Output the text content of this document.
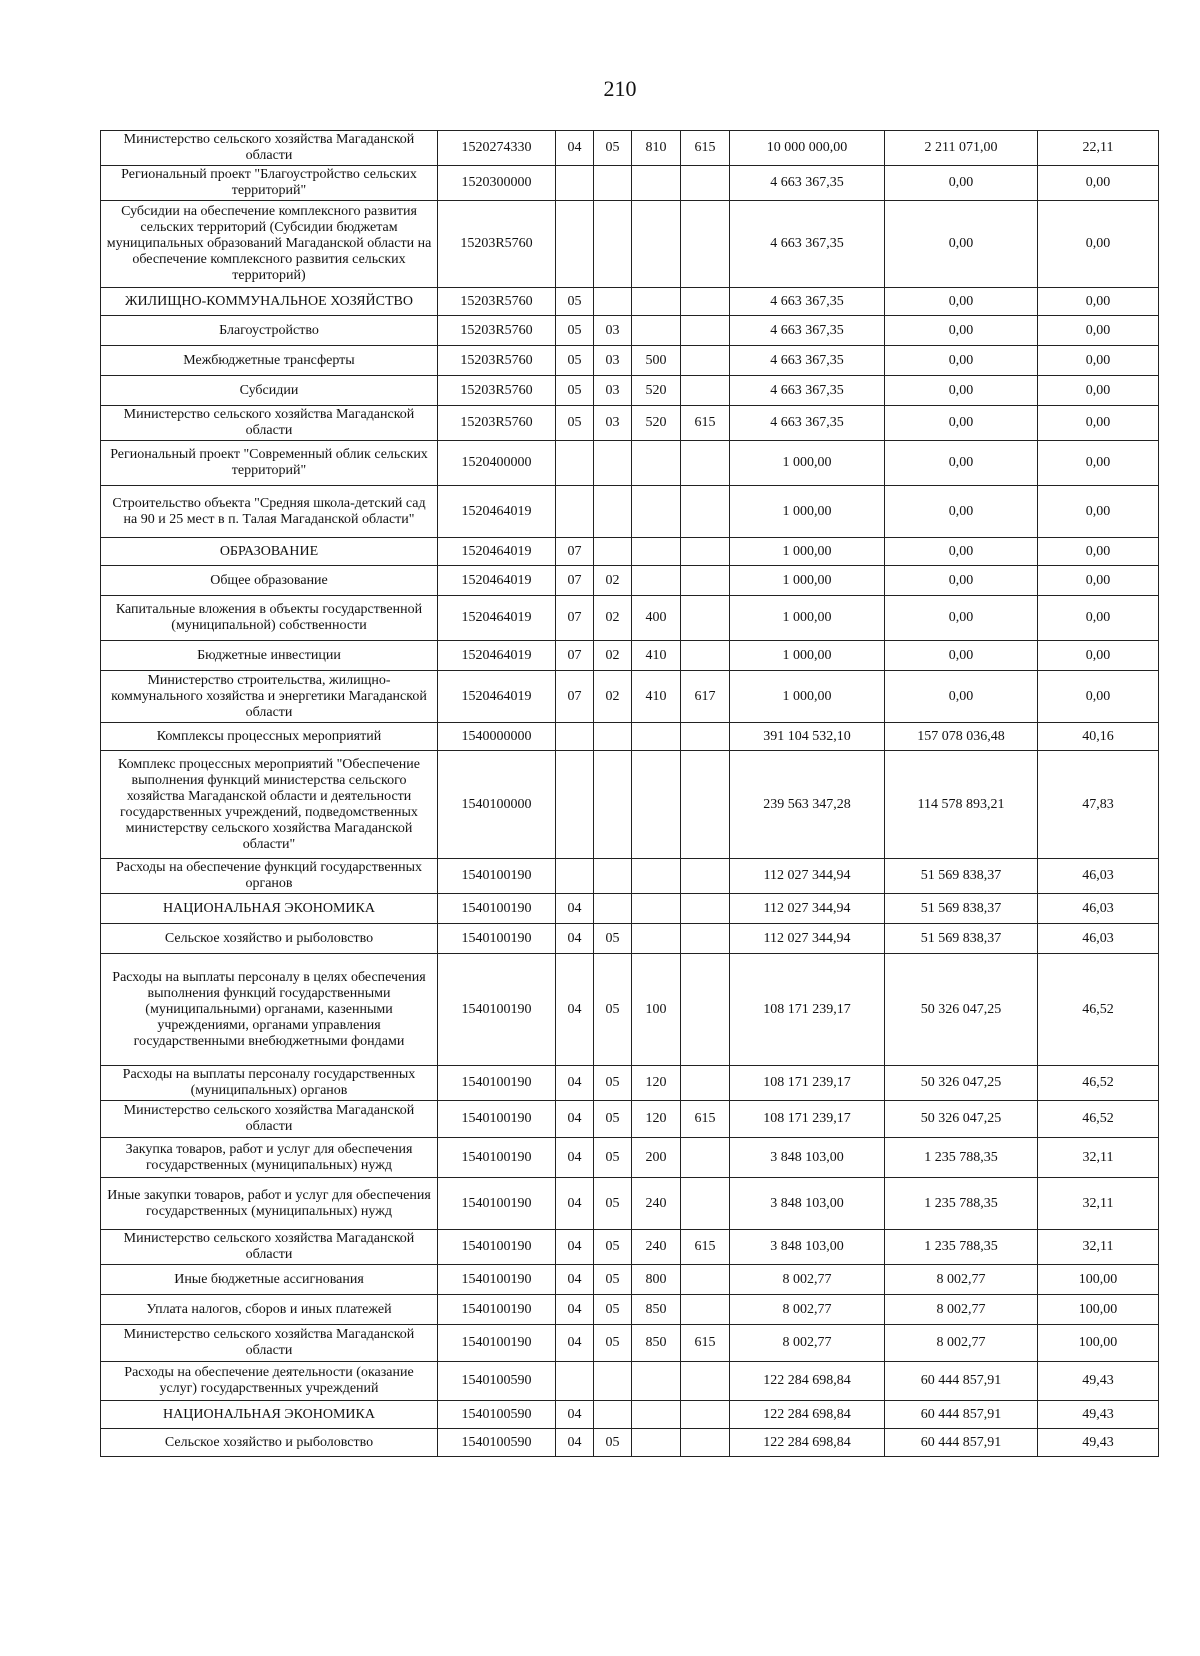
210
Министерство сельского хозяйства Магаданской области	1520274330	04	05	810	615	10 000 000,00	2 211 071,00	22,11
Региональный проект "Благоустройство сельских территорий"	1520300000					4 663 367,35	0,00	0,00
Субсидии на обеспечение комплексного развития сельских территорий (Субсидии бюджетам муниципальных образований Магаданской области на обеспечение комплексного развития сельских территорий)	15203R5760					4 663 367,35	0,00	0,00
ЖИЛИЩНО-КОММУНАЛЬНОЕ ХОЗЯЙСТВО	15203R5760	05				4 663 367,35	0,00	0,00
Благоустройство	15203R5760	05	03			4 663 367,35	0,00	0,00
Межбюджетные трансферты	15203R5760	05	03	500		4 663 367,35	0,00	0,00
Субсидии	15203R5760	05	03	520		4 663 367,35	0,00	0,00
Министерство сельского хозяйства Магаданской области	15203R5760	05	03	520	615	4 663 367,35	0,00	0,00
Региональный проект "Современный облик сельских территорий"	1520400000					1 000,00	0,00	0,00
Строительство объекта "Средняя школа-детский сад на 90 и 25 мест в п. Талая Магаданской области"	1520464019					1 000,00	0,00	0,00
ОБРАЗОВАНИЕ	1520464019	07				1 000,00	0,00	0,00
Общее образование	1520464019	07	02			1 000,00	0,00	0,00
Капитальные вложения в объекты государственной (муниципальной) собственности	1520464019	07	02	400		1 000,00	0,00	0,00
Бюджетные инвестиции	1520464019	07	02	410		1 000,00	0,00	0,00
Министерство строительства, жилищно-коммунального хозяйства и энергетики Магаданской области	1520464019	07	02	410	617	1 000,00	0,00	0,00
Комплексы процессных мероприятий	1540000000					391 104 532,10	157 078 036,48	40,16
Комплекс процессных мероприятий "Обеспечение выполнения функций министерства сельского хозяйства Магаданской области и деятельности государственных учреждений, подведомственных министерству сельского хозяйства Магаданской области"	1540100000					239 563 347,28	114 578 893,21	47,83
Расходы на обеспечение функций государственных органов	1540100190					112 027 344,94	51 569 838,37	46,03
НАЦИОНАЛЬНАЯ ЭКОНОМИКА	1540100190	04				112 027 344,94	51 569 838,37	46,03
Сельское хозяйство и рыболовство	1540100190	04	05			112 027 344,94	51 569 838,37	46,03
Расходы на выплаты персоналу в целях обеспечения выполнения функций государственными (муниципальными) органами, казенными учреждениями, органами управления государственными внебюджетными фондами	1540100190	04	05	100		108 171 239,17	50 326 047,25	46,52
Расходы на выплаты персоналу государственных (муниципальных) органов	1540100190	04	05	120		108 171 239,17	50 326 047,25	46,52
Министерство сельского хозяйства Магаданской области	1540100190	04	05	120	615	108 171 239,17	50 326 047,25	46,52
Закупка товаров, работ и услуг для обеспечения государственных (муниципальных) нужд	1540100190	04	05	200		3 848 103,00	1 235 788,35	32,11
Иные закупки товаров, работ и услуг для обеспечения государственных (муниципальных) нужд	1540100190	04	05	240		3 848 103,00	1 235 788,35	32,11
Министерство сельского хозяйства Магаданской области	1540100190	04	05	240	615	3 848 103,00	1 235 788,35	32,11
Иные бюджетные ассигнования	1540100190	04	05	800		8 002,77	8 002,77	100,00
Уплата налогов, сборов и иных платежей	1540100190	04	05	850		8 002,77	8 002,77	100,00
Министерство сельского хозяйства Магаданской области	1540100190	04	05	850	615	8 002,77	8 002,77	100,00
Расходы на обеспечение деятельности (оказание услуг) государственных учреждений	1540100590					122 284 698,84	60 444 857,91	49,43
НАЦИОНАЛЬНАЯ ЭКОНОМИКА	1540100590	04				122 284 698,84	60 444 857,91	49,43
Сельское хозяйство и рыболовство	1540100590	04	05			122 284 698,84	60 444 857,91	49,43
